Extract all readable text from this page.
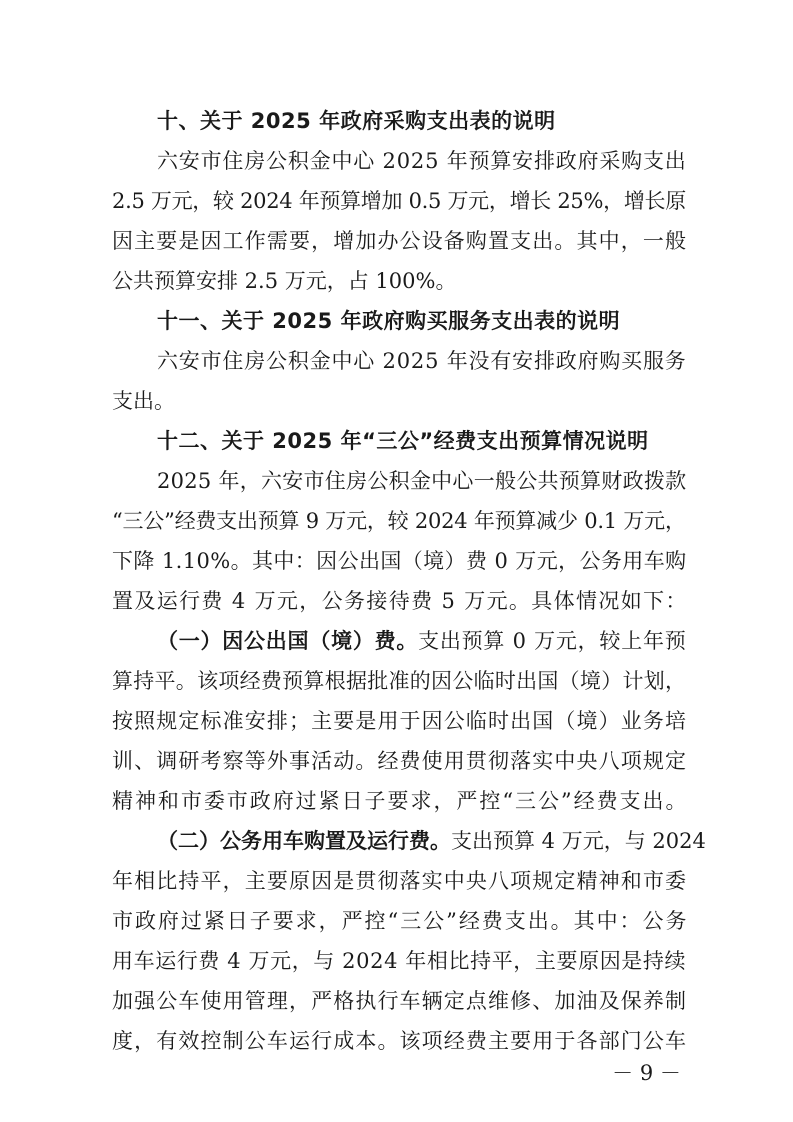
十、关于 2025 年政府采购支出表的说明
六安市住房公积金中心 2025 年预算安排政府采购支出
2.5 万元，较 2024 年预算增加 0.5 万元，增长 25%，增长原
因主要是因工作需要，增加办公设备购置支出。其中，一般
公共预算安排 2.5 万元，占 100%。
十一、关于 2025 年政府购买服务支出表的说明
六安市住房公积金中心 2025 年没有安排政府购买服务
支出。
十二、关于 2025 年“三公”经费支出预算情况说明
2025 年，六安市住房公积金中心一般公共预算财政拨款
“三公”经费支出预算 9 万元，较 2024 年预算减少 0.1 万元，
下降 1.10%。其中：因公出国（境）费 0 万元，公务用车购
置及运行费 4 万元，公务接待费 5 万元。具体情况如下：
（一）因公出国（境）费。支出预算 0 万元，较上年预
算持平。该项经费预算根据批准的因公临时出国（境）计划，
按照规定标准安排；主要是用于因公临时出国（境）业务培
训、调研考察等外事活动。经费使用贯彻落实中央八项规定
精神和市委市政府过紧日子要求，严控“三公”经费支出。
（二）公务用车购置及运行费。支出预算 4 万元，与 2024
年相比持平，主要原因是贯彻落实中央八项规定精神和市委
市政府过紧日子要求，严控“三公”经费支出。其中：公务
用车运行费 4 万元，与 2024 年相比持平，主要原因是持续
加强公车使用管理，严格执行车辆定点维修、加油及保养制
度，有效控制公车运行成本。该项经费主要用于各部门公车
－ 9 －
